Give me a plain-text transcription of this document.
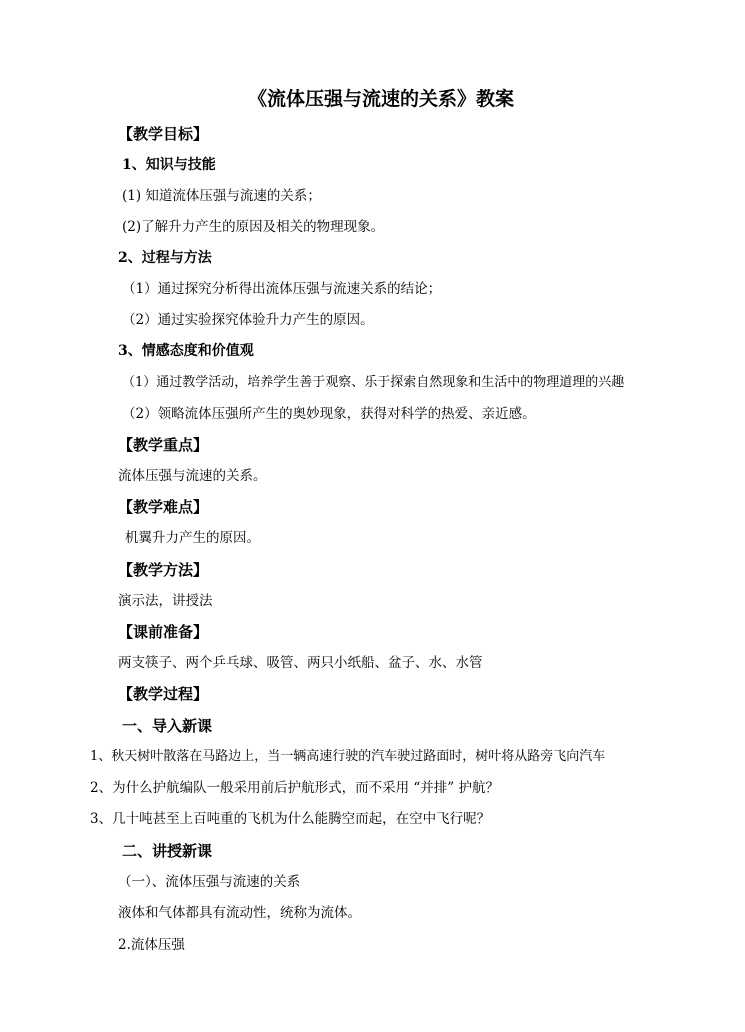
《流体压强与流速的关系》教案
【教学目标】
1、知识与技能
(1) 知道流体压强与流速的关系；
(2)了解升力产生的原因及相关的物理现象。
2、过程与方法
（1）通过探究分析得出流体压强与流速关系的结论；
（2）通过实验探究体验升力产生的原因。
3、情感态度和价值观
（1）通过教学活动，培养学生善于观察、乐于探索自然现象和生活中的物理道理的兴趣
（2）领略流体压强所产生的奥妙现象，获得对科学的热爱、亲近感。
【教学重点】
流体压强与流速的关系。
【教学难点】
机翼升力产生的原因。
【教学方法】
演示法，讲授法
【课前准备】
两支筷子、两个乒乓球、吸管、两只小纸船、盆子、水、水管
【教学过程】
一、导入新课
1、秋天树叶散落在马路边上，当一辆高速行驶的汽车驶过路面时，树叶将从路旁飞向汽车
2、为什么护航编队一般采用前后护航形式，而不采用 “并排” 护航？
3、几十吨甚至上百吨重的飞机为什么能腾空而起，在空中飞行呢？
二、讲授新课
（一）、流体压强与流速的关系
液体和气体都具有流动性，统称为流体。
2.流体压强
